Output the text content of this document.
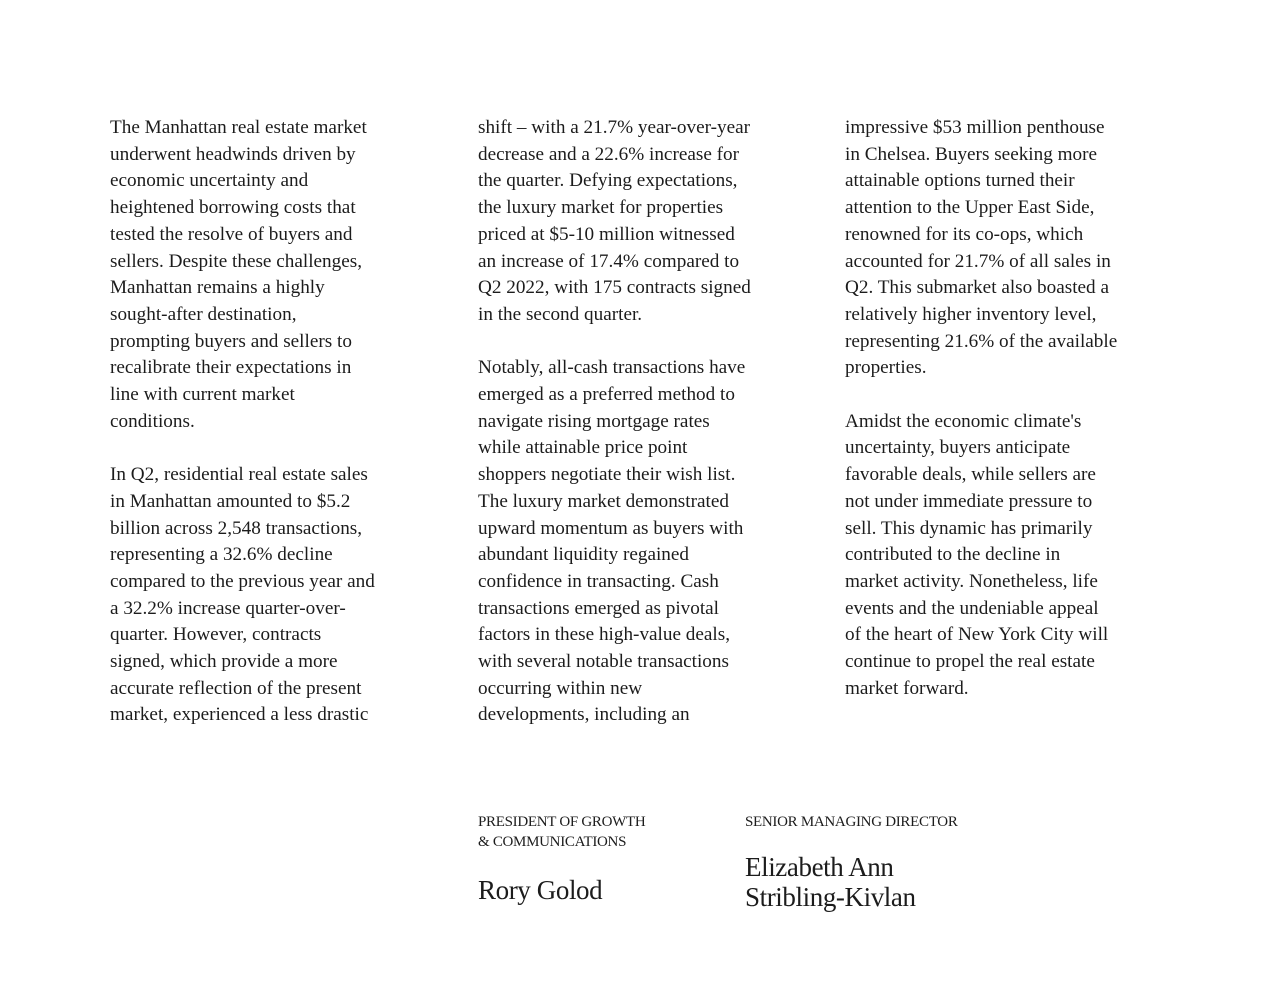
The Manhattan real estate market
underwent headwinds driven by
economic uncertainty and
heightened borrowing costs that
tested the resolve of buyers and
sellers. Despite these challenges,
Manhattan remains a highly
sought-after destination,
prompting buyers and sellers to
recalibrate their expectations in
line with current market
conditions.

In Q2, residential real estate sales
in Manhattan amounted to $5.2
billion across 2,548 transactions,
representing a 32.6% decline
compared to the previous year and
a 32.2% increase quarter-over-
quarter. However, contracts
signed, which provide a more
accurate reflection of the present
market, experienced a less drastic

shift – with a 21.7% year-over-year
decrease and a 22.6% increase for
the quarter. Defying expectations,
the luxury market for properties
priced at $5-10 million witnessed
an increase of 17.4% compared to
Q2 2022, with 175 contracts signed
in the second quarter.

Notably, all-cash transactions have
emerged as a preferred method to
navigate rising mortgage rates
while attainable price point
shoppers negotiate their wish list.
The luxury market demonstrated
upward momentum as buyers with
abundant liquidity regained
confidence in transacting. Cash
transactions emerged as pivotal
factors in these high-value deals,
with several notable transactions
occurring within new
developments, including an

impressive $53 million penthouse
in Chelsea. Buyers seeking more
attainable options turned their
attention to the Upper East Side,
renowned for its co-ops, which
accounted for 21.7% of all sales in
Q2. This submarket also boasted a
relatively higher inventory level,
representing 21.6% of the available
properties.

Amidst the economic climate's
uncertainty, buyers anticipate
favorable deals, while sellers are
not under immediate pressure to
sell. This dynamic has primarily
contributed to the decline in
market activity. Nonetheless, life
events and the undeniable appeal
of the heart of New York City will
continue to propel the real estate
market forward.

PRESIDENT OF GROWTH
& COMMUNICATIONS
Rory Golod
SENIOR MANAGING DIRECTOR
Elizabeth Ann
Stribling-Kivlan
